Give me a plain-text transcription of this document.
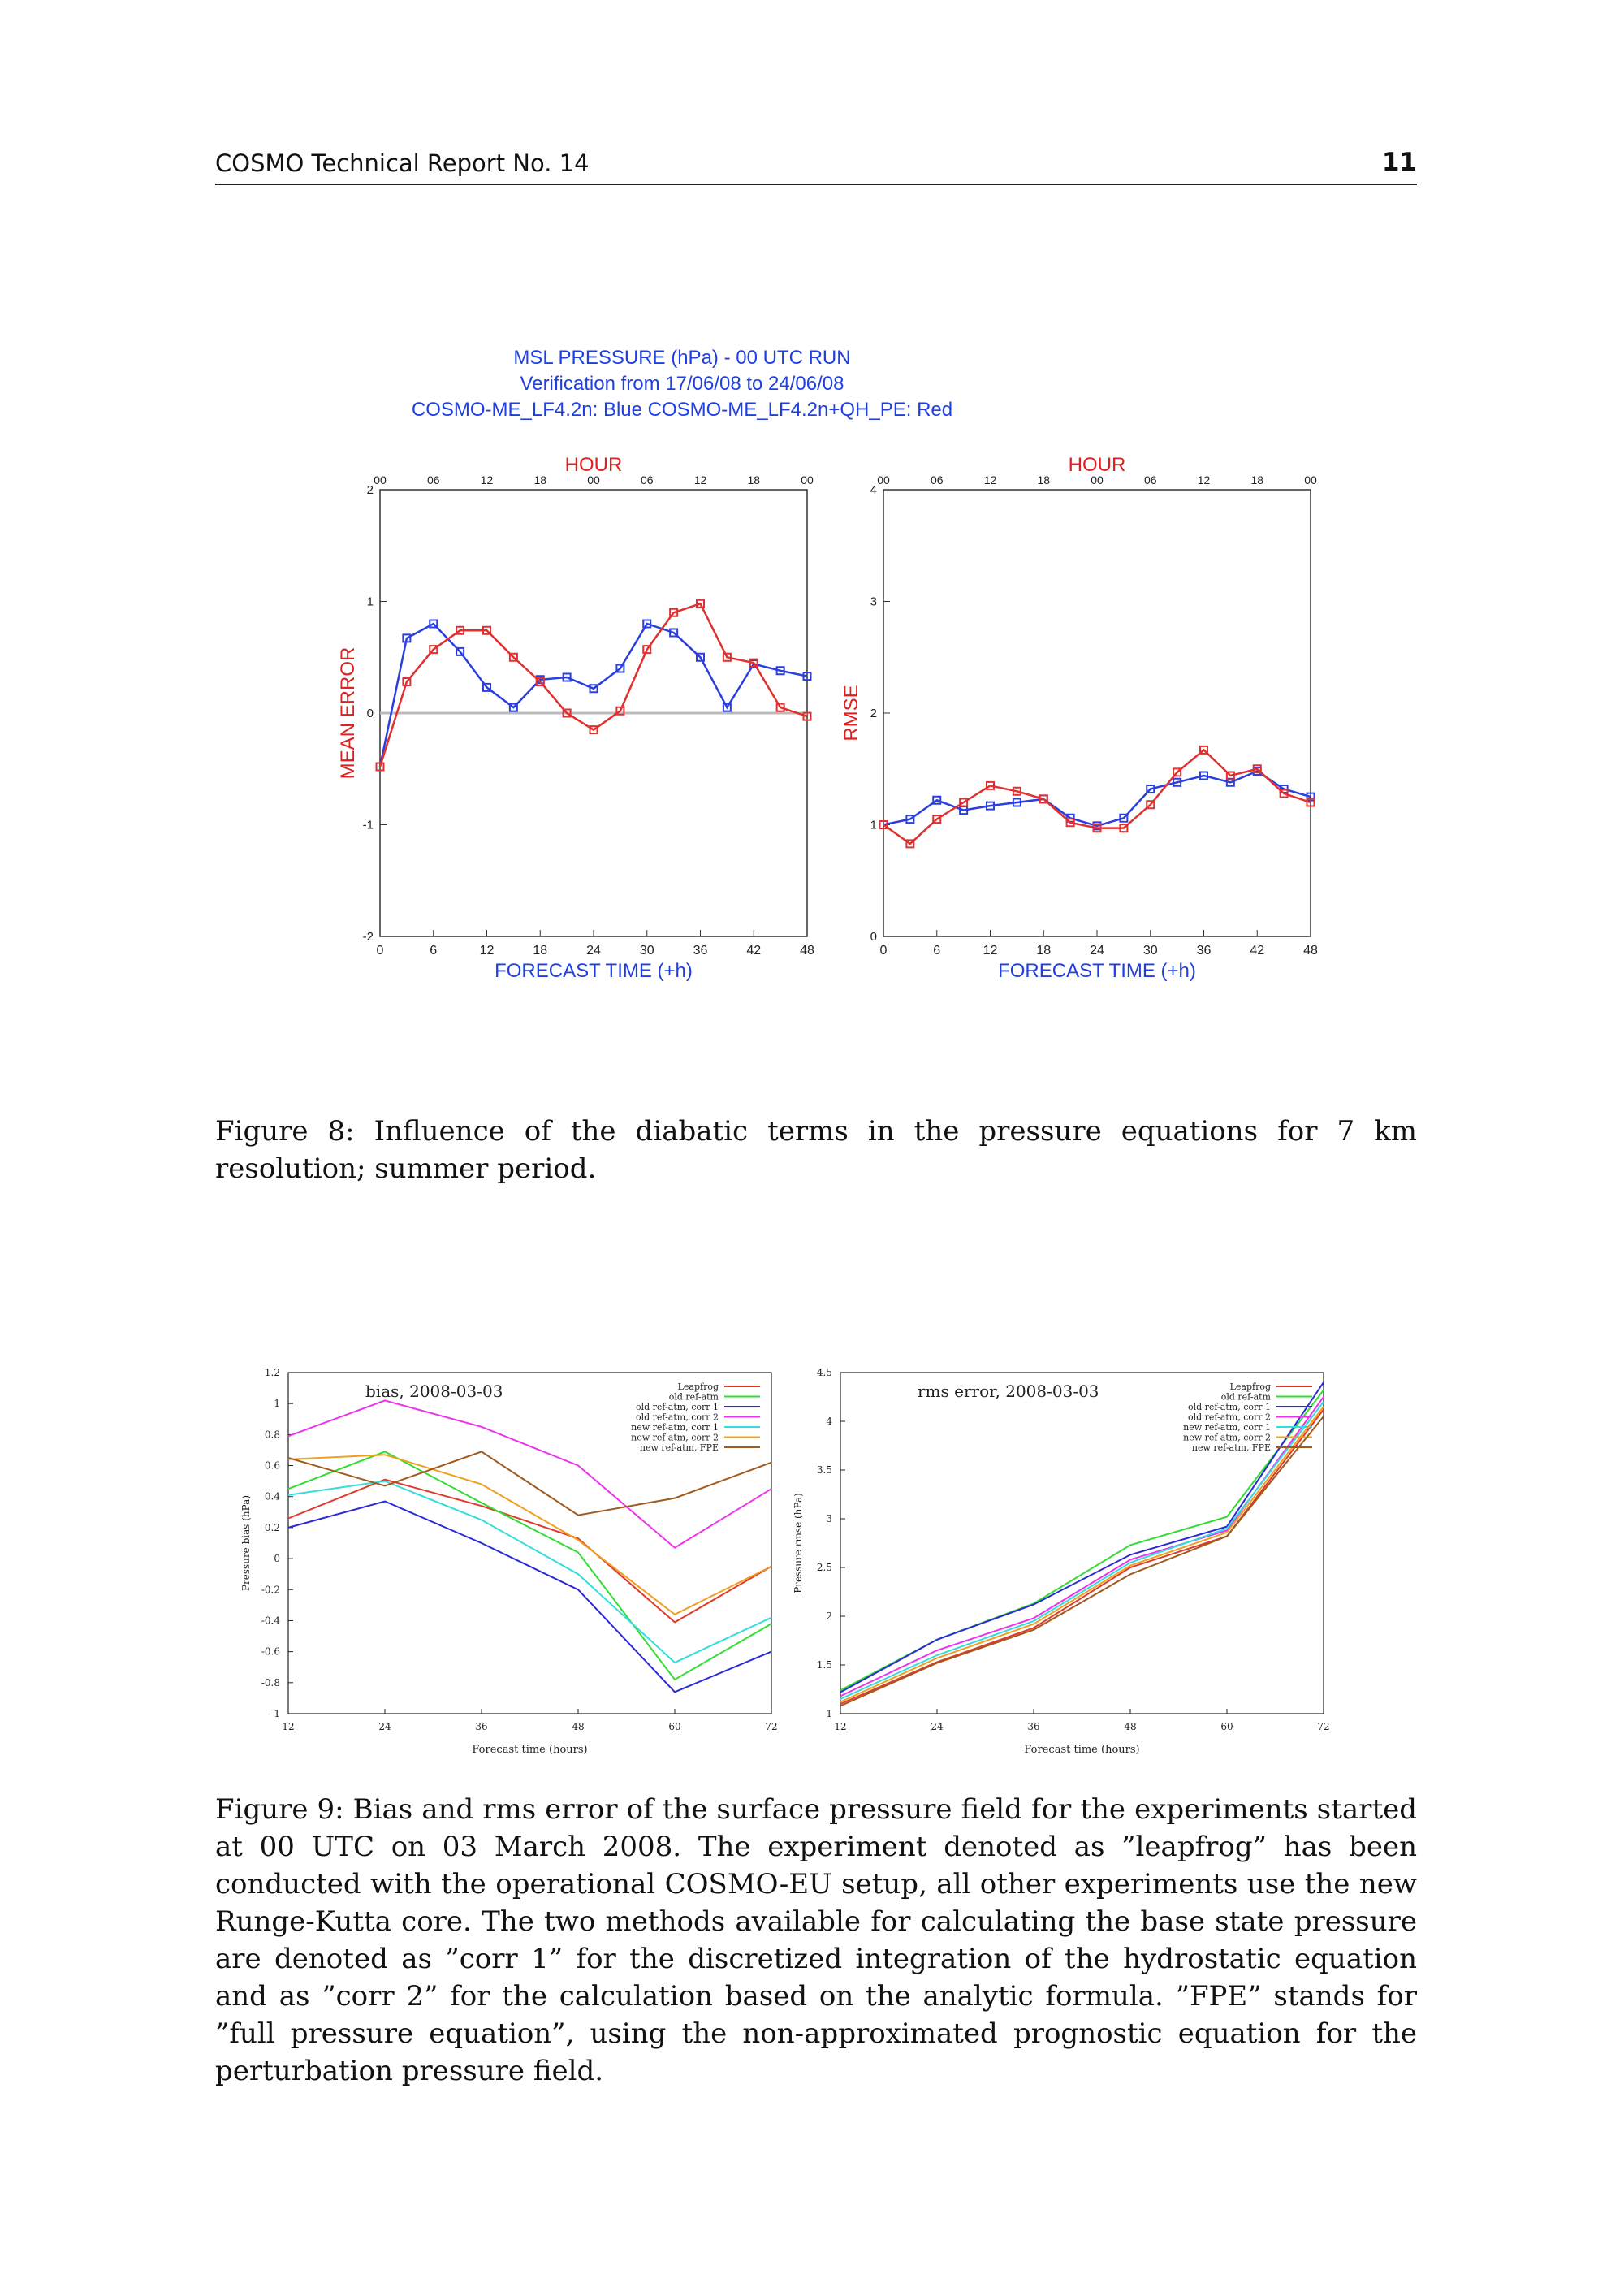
COSMO Technical Report No. 14	11
MSL PRESSURE (hPa) - 00 UTC RUN
Verification from 17/06/08 to 24/06/08
COSMO-ME_LF4.2n: Blue COSMO-ME_LF4.2n+QH_PE: Red
HOUR
00	06	12	18	00	06	12	18	00
0	6	12	18	24	30	36	42	48
2
1
0
-1
-2
FORECAST TIME (+h)
MEAN ERROR
HOUR
00	06	12	18	00	06	12	18	00
0	6	12	18	24	30	36	42	48
4
3
2
1
0
FORECAST TIME (+h)
RMSE
Figure 8: Influence of the diabatic terms in the pressure equations for 7 km resolution; summer period.
12	24	36	48	60	72
1.2
1
0.8
0.6
0.4
0.2
0
-0.2
-0.4
-0.6
-0.8
-1
Forecast time (hours)
Pressure bias (hPa)
bias, 2008-03-03	Leapfrog
old ref-atm
old ref-atm, corr 1
old ref-atm, corr 2
new ref-atm, corr 1
new ref-atm, corr 2
new ref-atm, FPE
12	24	36	48	60	72
4.5
4
3.5
3
2.5
2
1.5
1
Forecast time (hours)
Pressure rmse (hPa)
rms error, 2008-03-03	Leapfrog
old ref-atm
old ref-atm, corr 1
old ref-atm, corr 2
new ref-atm, corr 1
new ref-atm, corr 2
new ref-atm, FPE
Figure 9: Bias and rms error of the surface pressure field for the experiments started at 00 UTC on 03 March 2008. The experiment denoted as ”leapfrog” has been conducted with the operational COSMO-EU setup, all other experiments use the new Runge-Kutta core. The two methods available for calculating the base state pressure are denoted as ”corr 1” for the discretized integration of the hydrostatic equation and as ”corr 2” for the calculation based on the analytic formula. ”FPE” stands for ”full pressure equation”, using the non-approximated prognostic equation for the perturbation pressure field.
